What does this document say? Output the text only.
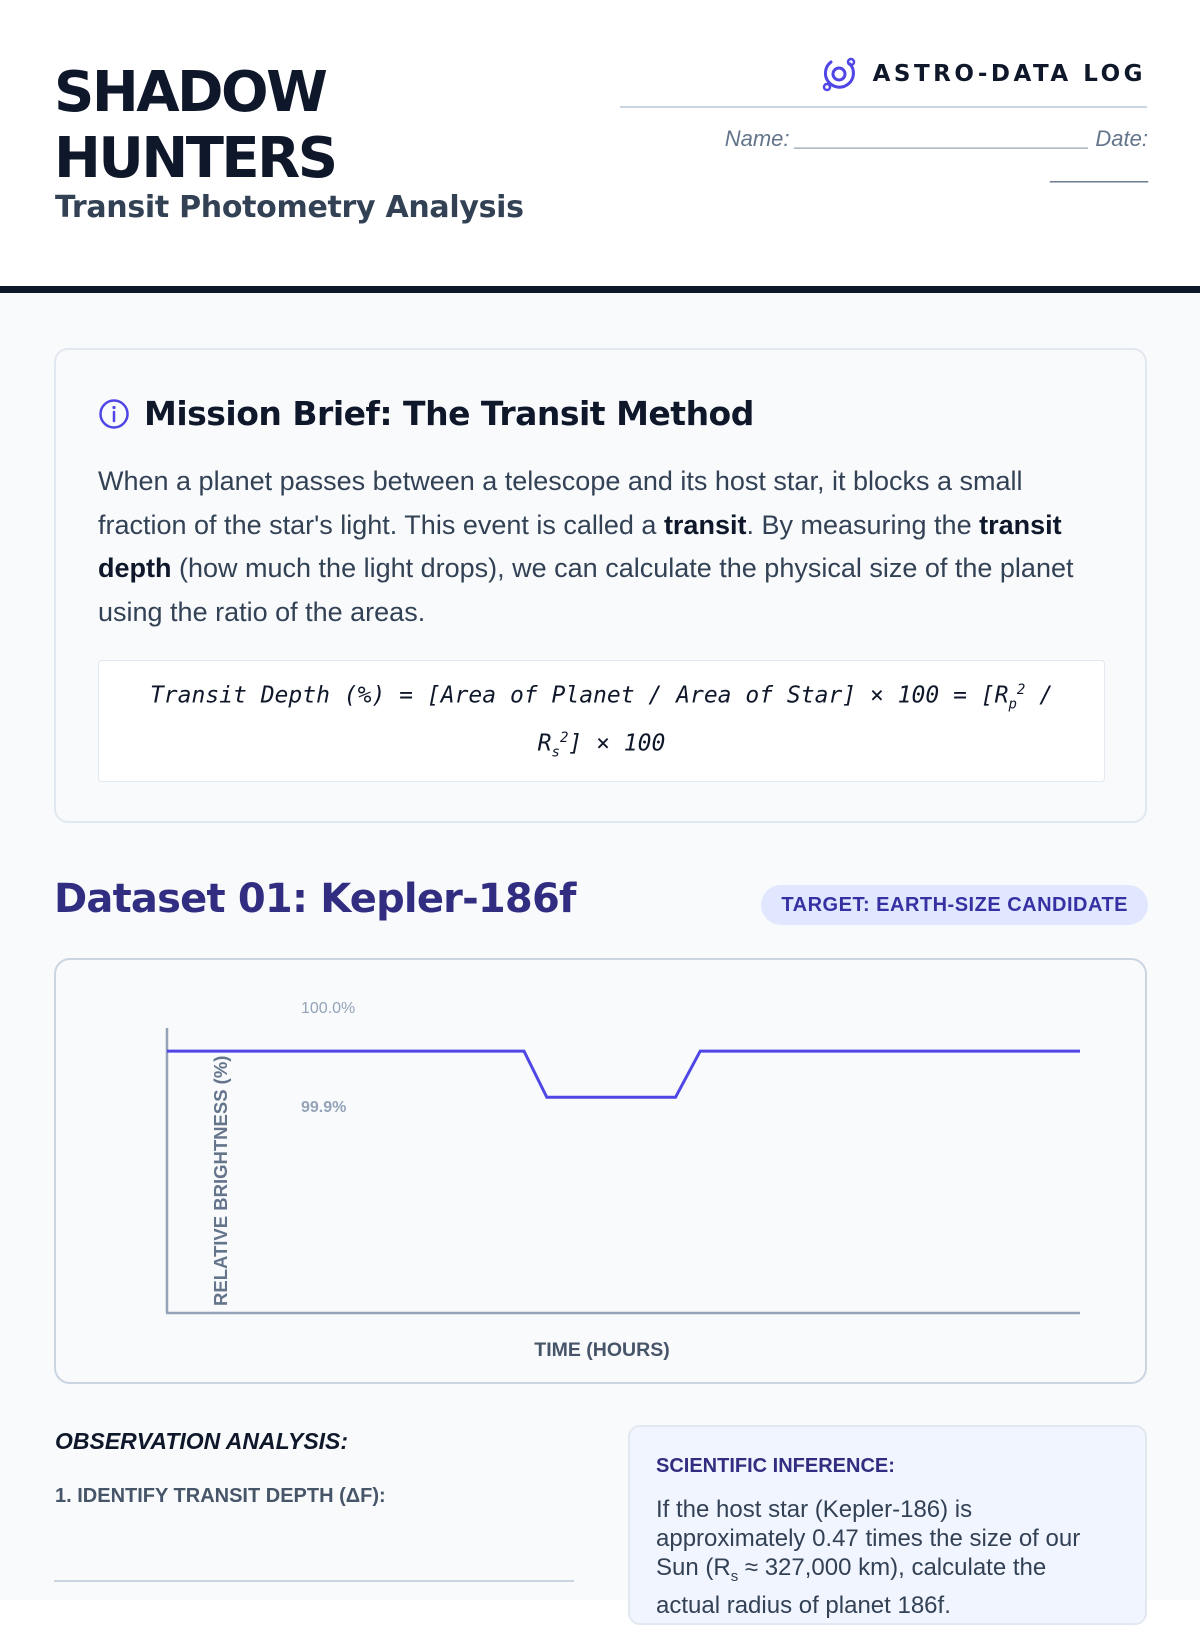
SHADOW
HUNTERS
Transit Photometry Analysis
ASTRO-DATA LOG
Name: ________________________ Date:
________
Mission Brief: The Transit Method

When a planet passes between a telescope and its host star, it blocks a small fraction of the star's light. This event is called a transit. By measuring the transit depth (how much the light drops), we can calculate the physical size of the planet using the ratio of the areas.

Transit Depth (%) = [Area of Planet / Area of Star] × $100 = [R_p^2 / R_s^2] \times 100$
Dataset 01: Kepler-186f	TARGET: EARTH-SIZE CANDIDATE
100.0%
99.9%
RELATIVE BRIGHTNESS (%)
TIME (HOURS)
OBSERVATION ANALYSIS:
1. IDENTIFY TRANSIT DEPTH (ΔF):
SCIENTIFIC INFERENCE:

If the host star (Kepler-186) is approximately 0.47 times the size of our Sun ($R_s \approx 327,000$ km), calculate the actual radius of planet 186f.
